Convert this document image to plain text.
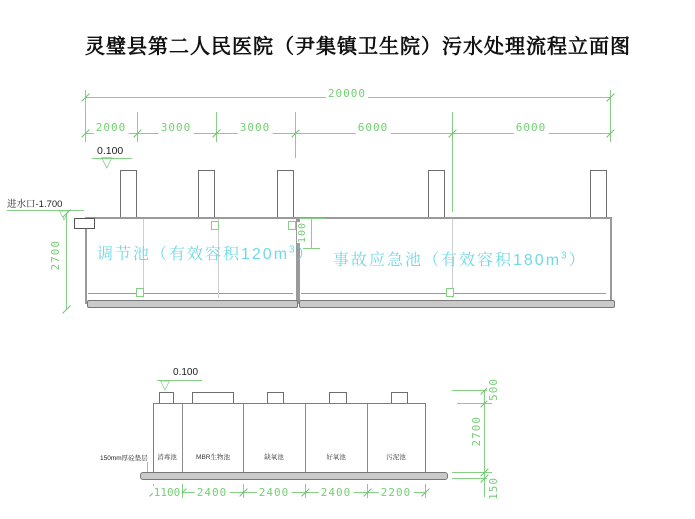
灵璧县第二人民医院（尹集镇卫生院）污水处理流程立面图
20000
2000	3000	3000	6000	6000
0.100
▽
进水口-1.700
▽
2700
100
调节池（有效容积$120m^3$） 事故应急池（有效容积$180m^3$）
0.100
▽
消毒池	MBR生物池	缺氧池	好氧池	污泥池
150mm厚砼垫层
1100 2400	2400	2400	2200
500
2700
150
